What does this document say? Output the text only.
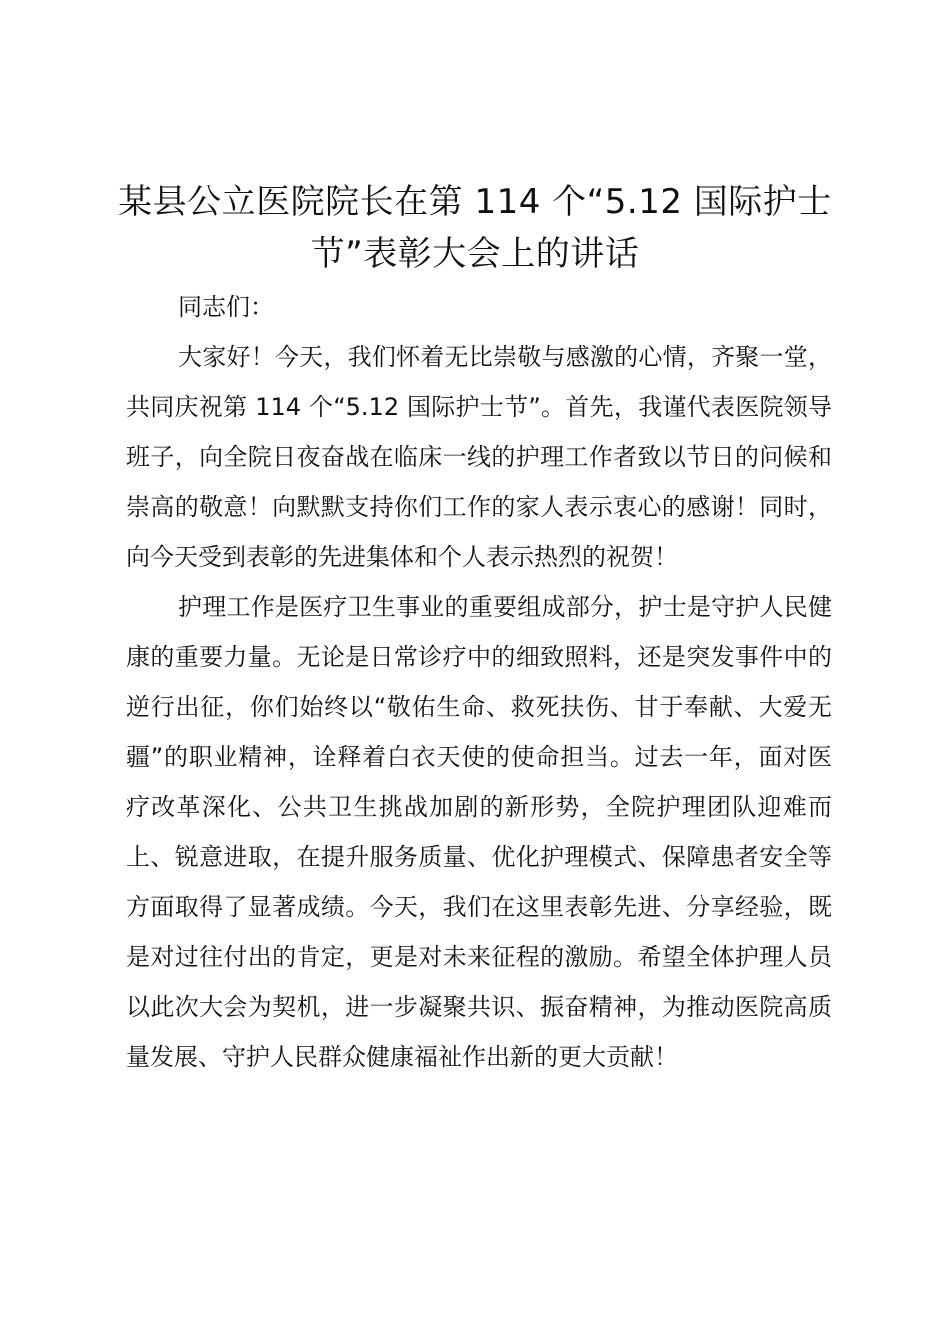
某县公立医院院长在第 114 个“5.12 国际护士节”表彰大会上的讲话

同志们：

大家好！今天，我们怀着无比崇敬与感激的心情，齐聚一堂，共同庆祝第 114 个“5.12 国际护士节”。首先，我谨代表医院领导班子，向全院日夜奋战在临床一线的护理工作者致以节日的问候和崇高的敬意！向默默支持你们工作的家人表示衷心的感谢！同时，向今天受到表彰的先进集体和个人表示热烈的祝贺！

护理工作是医疗卫生事业的重要组成部分，护士是守护人民健康的重要力量。无论是日常诊疗中的细致照料，还是突发事件中的逆行出征，你们始终以“敬佑生命、救死扶伤、甘于奉献、大爱无疆”的职业精神，诠释着白衣天使的使命担当。过去一年，面对医疗改革深化、公共卫生挑战加剧的新形势，全院护理团队迎难而上、锐意进取，在提升服务质量、优化护理模式、保障患者安全等方面取得了显著成绩。今天，我们在这里表彰先进、分享经验，既是对过往付出的肯定，更是对未来征程的激励。希望全体护理人员以此次大会为契机，进一步凝聚共识、振奋精神，为推动医院高质量发展、守护人民群众健康福祉作出新的更大贡献！
